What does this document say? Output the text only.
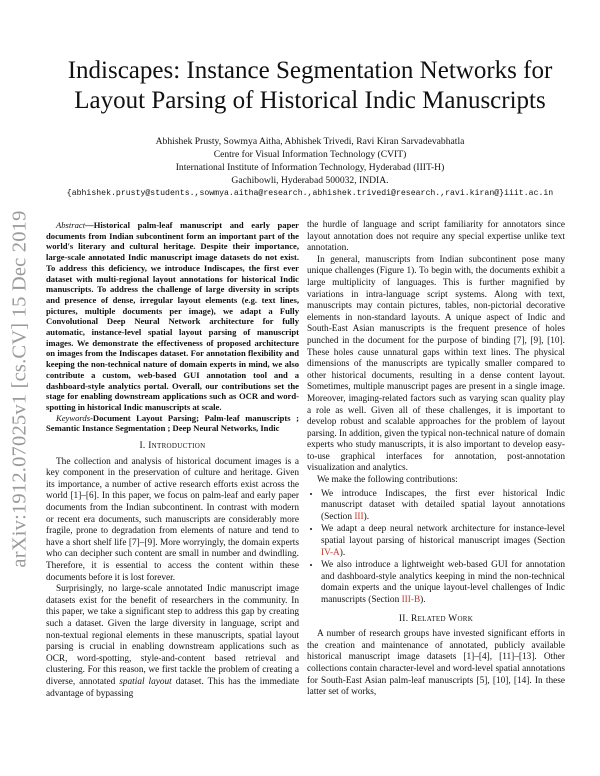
arXiv:1912.07025v1 [cs.CV] 15 Dec 2019
Indiscapes: Instance Segmentation Networks for
Layout Parsing of Historical Indic Manuscripts
Abhishek Prusty, Sowmya Aitha, Abhishek Trivedi, Ravi Kiran Sarvadevabhatla
Centre for Visual Information Technology (CVIT)
International Institute of Information Technology, Hyderabad (IIIT-H)
Gachibowli, Hyderabad 500032, INDIA.
{abhishek.prusty@students.,sowmya.aitha@research.,abhishek.trivedi@research.,ravi.kiran@}iiit.ac.in

Abstract—Historical palm-leaf manuscript and early paper documents from Indian subcontinent form an important part of the world's literary and cultural heritage. Despite their importance, large-scale annotated Indic manuscript image datasets do not exist. To address this deficiency, we introduce Indiscapes, the first ever dataset with multi-regional layout annotations for historical Indic manuscripts. To address the challenge of large diversity in scripts and presence of dense, irregular layout elements (e.g. text lines, pictures, multiple documents per image), we adapt a Fully Convolutional Deep Neural Network architecture for fully automatic, instance-level spatial layout parsing of manuscript images. We demonstrate the effectiveness of proposed architecture on images from the Indiscapes dataset. For annotation flexibility and keeping the non-technical nature of domain experts in mind, we also contribute a custom, web-based GUI annotation tool and a dashboard-style analytics portal. Overall, our contributions set the stage for enabling downstream applications such as OCR and word-spotting in historical Indic manuscripts at scale.

Keywords-Document Layout Parsing; Palm-leaf manuscripts ; Semantic Instance Segmentation ; Deep Neural Networks, Indic

I. Introduction

The collection and analysis of historical document images is a key component in the preservation of culture and heritage. Given its importance, a number of active research efforts exist across the world [1]–[6]. In this paper, we focus on palm-leaf and early paper documents from the Indian subcontinent. In contrast with modern or recent era documents, such manuscripts are considerably more fragile, prone to degradation from elements of nature and tend to have a short shelf life [7]–[9]. More worryingly, the domain experts who can decipher such content are small in number and dwindling. Therefore, it is essential to access the content within these documents before it is lost forever.

Surprisingly, no large-scale annotated Indic manuscript image datasets exist for the benefit of researchers in the community. In this paper, we take a significant step to address this gap by creating such a dataset. Given the large diversity in language, script and non-textual regional elements in these manuscripts, spatial layout parsing is crucial in enabling downstream applications such as OCR, word-spotting, style-and-content based retrieval and clustering. For this reason, we first tackle the problem of creating a diverse, annotated spatial layout dataset. This has the immediate advantage of bypassing

the hurdle of language and script familiarity for annotators since layout annotation does not require any special expertise unlike text annotation.

In general, manuscripts from Indian subcontinent pose many unique challenges (Figure 1). To begin with, the documents exhibit a large multiplicity of languages. This is further magnified by variations in intra-language script systems. Along with text, manuscripts may contain pictures, tables, non-pictorial decorative elements in non-standard layouts. A unique aspect of Indic and South-East Asian manuscripts is the frequent presence of holes punched in the document for the purpose of binding [7], [9], [10]. These holes cause unnatural gaps within text lines. The physical dimensions of the manuscripts are typically smaller compared to other historical documents, resulting in a dense content layout. Sometimes, multiple manuscript pages are present in a single image. Moreover, imaging-related factors such as varying scan quality play a role as well. Given all of these challenges, it is important to develop robust and scalable approaches for the problem of layout parsing. In addition, given the typical non-technical nature of domain experts who study manuscripts, it is also important to develop easy-to-use graphical interfaces for annotation, post-annotation visualization and analytics.

We make the following contributions:

• We introduce Indiscapes, the first ever historical Indic manuscript dataset with detailed spatial layout annotations (Section III).
• We adapt a deep neural network architecture for instance-level spatial layout parsing of historical manuscript images (Section IV-A).
• We also introduce a lightweight web-based GUI for annotation and dashboard-style analytics keeping in mind the non-technical domain experts and the unique layout-level challenges of Indic manuscripts (Section III-B).
II. Related Work

A number of research groups have invested significant efforts in the creation and maintenance of annotated, publicly available historical manuscript image datasets [1]–[4], [11]–[13]. Other collections contain character-level and word-level spatial annotations for South-East Asian palm-leaf manuscripts [5], [10], [14]. In these latter set of works,
